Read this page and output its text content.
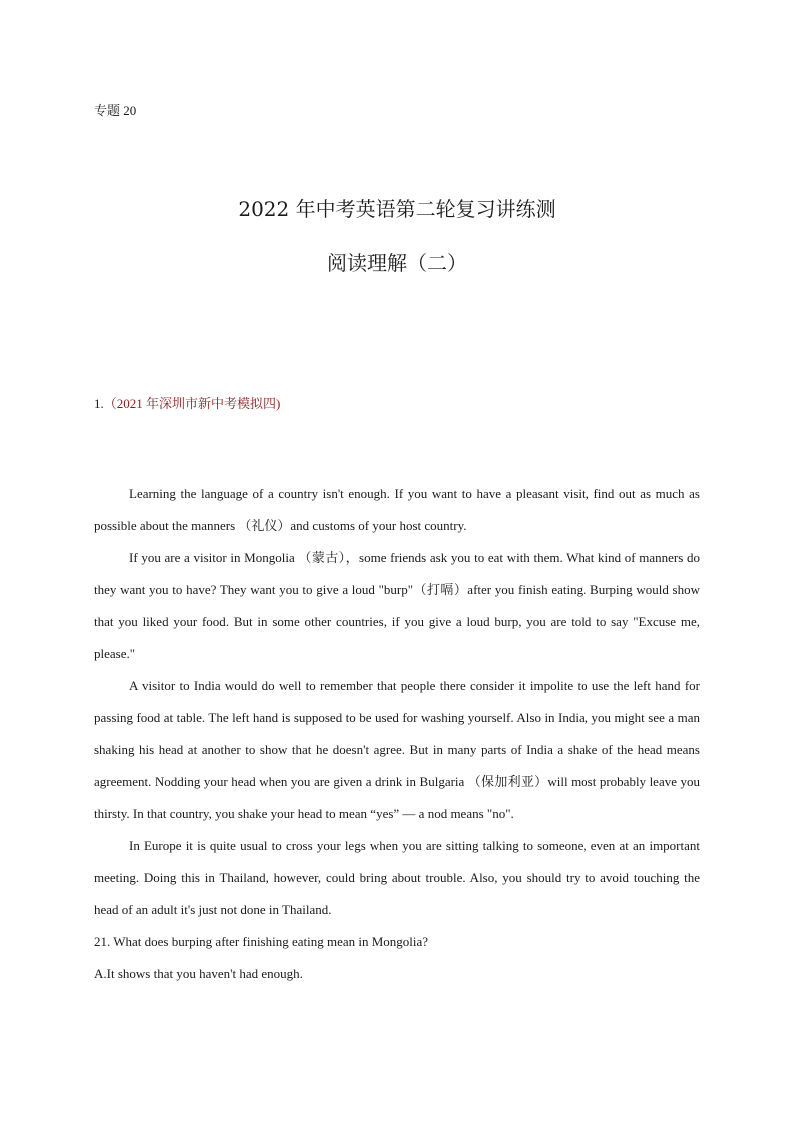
专题 20
2022 年中考英语第二轮复习讲练测
阅读理解（二）
1.（2021 年深圳市新中考模拟四)

Learning the language of a country isn't enough. If you want to have a pleasant visit, find out as much as possible about the manners （礼仪）and customs of your host country.

If you are a visitor in Mongolia （蒙古），some friends ask you to eat with them. What kind of manners do they want you to have? They want you to give a loud "burp"（打嗝）after you finish eating. Burping would show that you liked your food. But in some other countries, if you give a loud burp, you are told to say "Excuse me, please."

A visitor to India would do well to remember that people there consider it impolite to use the left hand for passing food at table. The left hand is supposed to be used for washing yourself. Also in India, you might see a man shaking his head at another to show that he doesn't agree. But in many parts of India a shake of the head means agreement. Nodding your head when you are given a drink in Bulgaria （保加利亚）will most probably leave you thirsty. In that country, you shake your head to mean “yes” — a nod means "no".

In Europe it is quite usual to cross your legs when you are sitting talking to someone, even at an important meeting. Doing this in Thailand, however, could bring about trouble. Also, you should try to avoid touching the head of an adult it's just not done in Thailand.

21. What does burping after finishing eating mean in Mongolia?

A.It shows that you haven't had enough.
